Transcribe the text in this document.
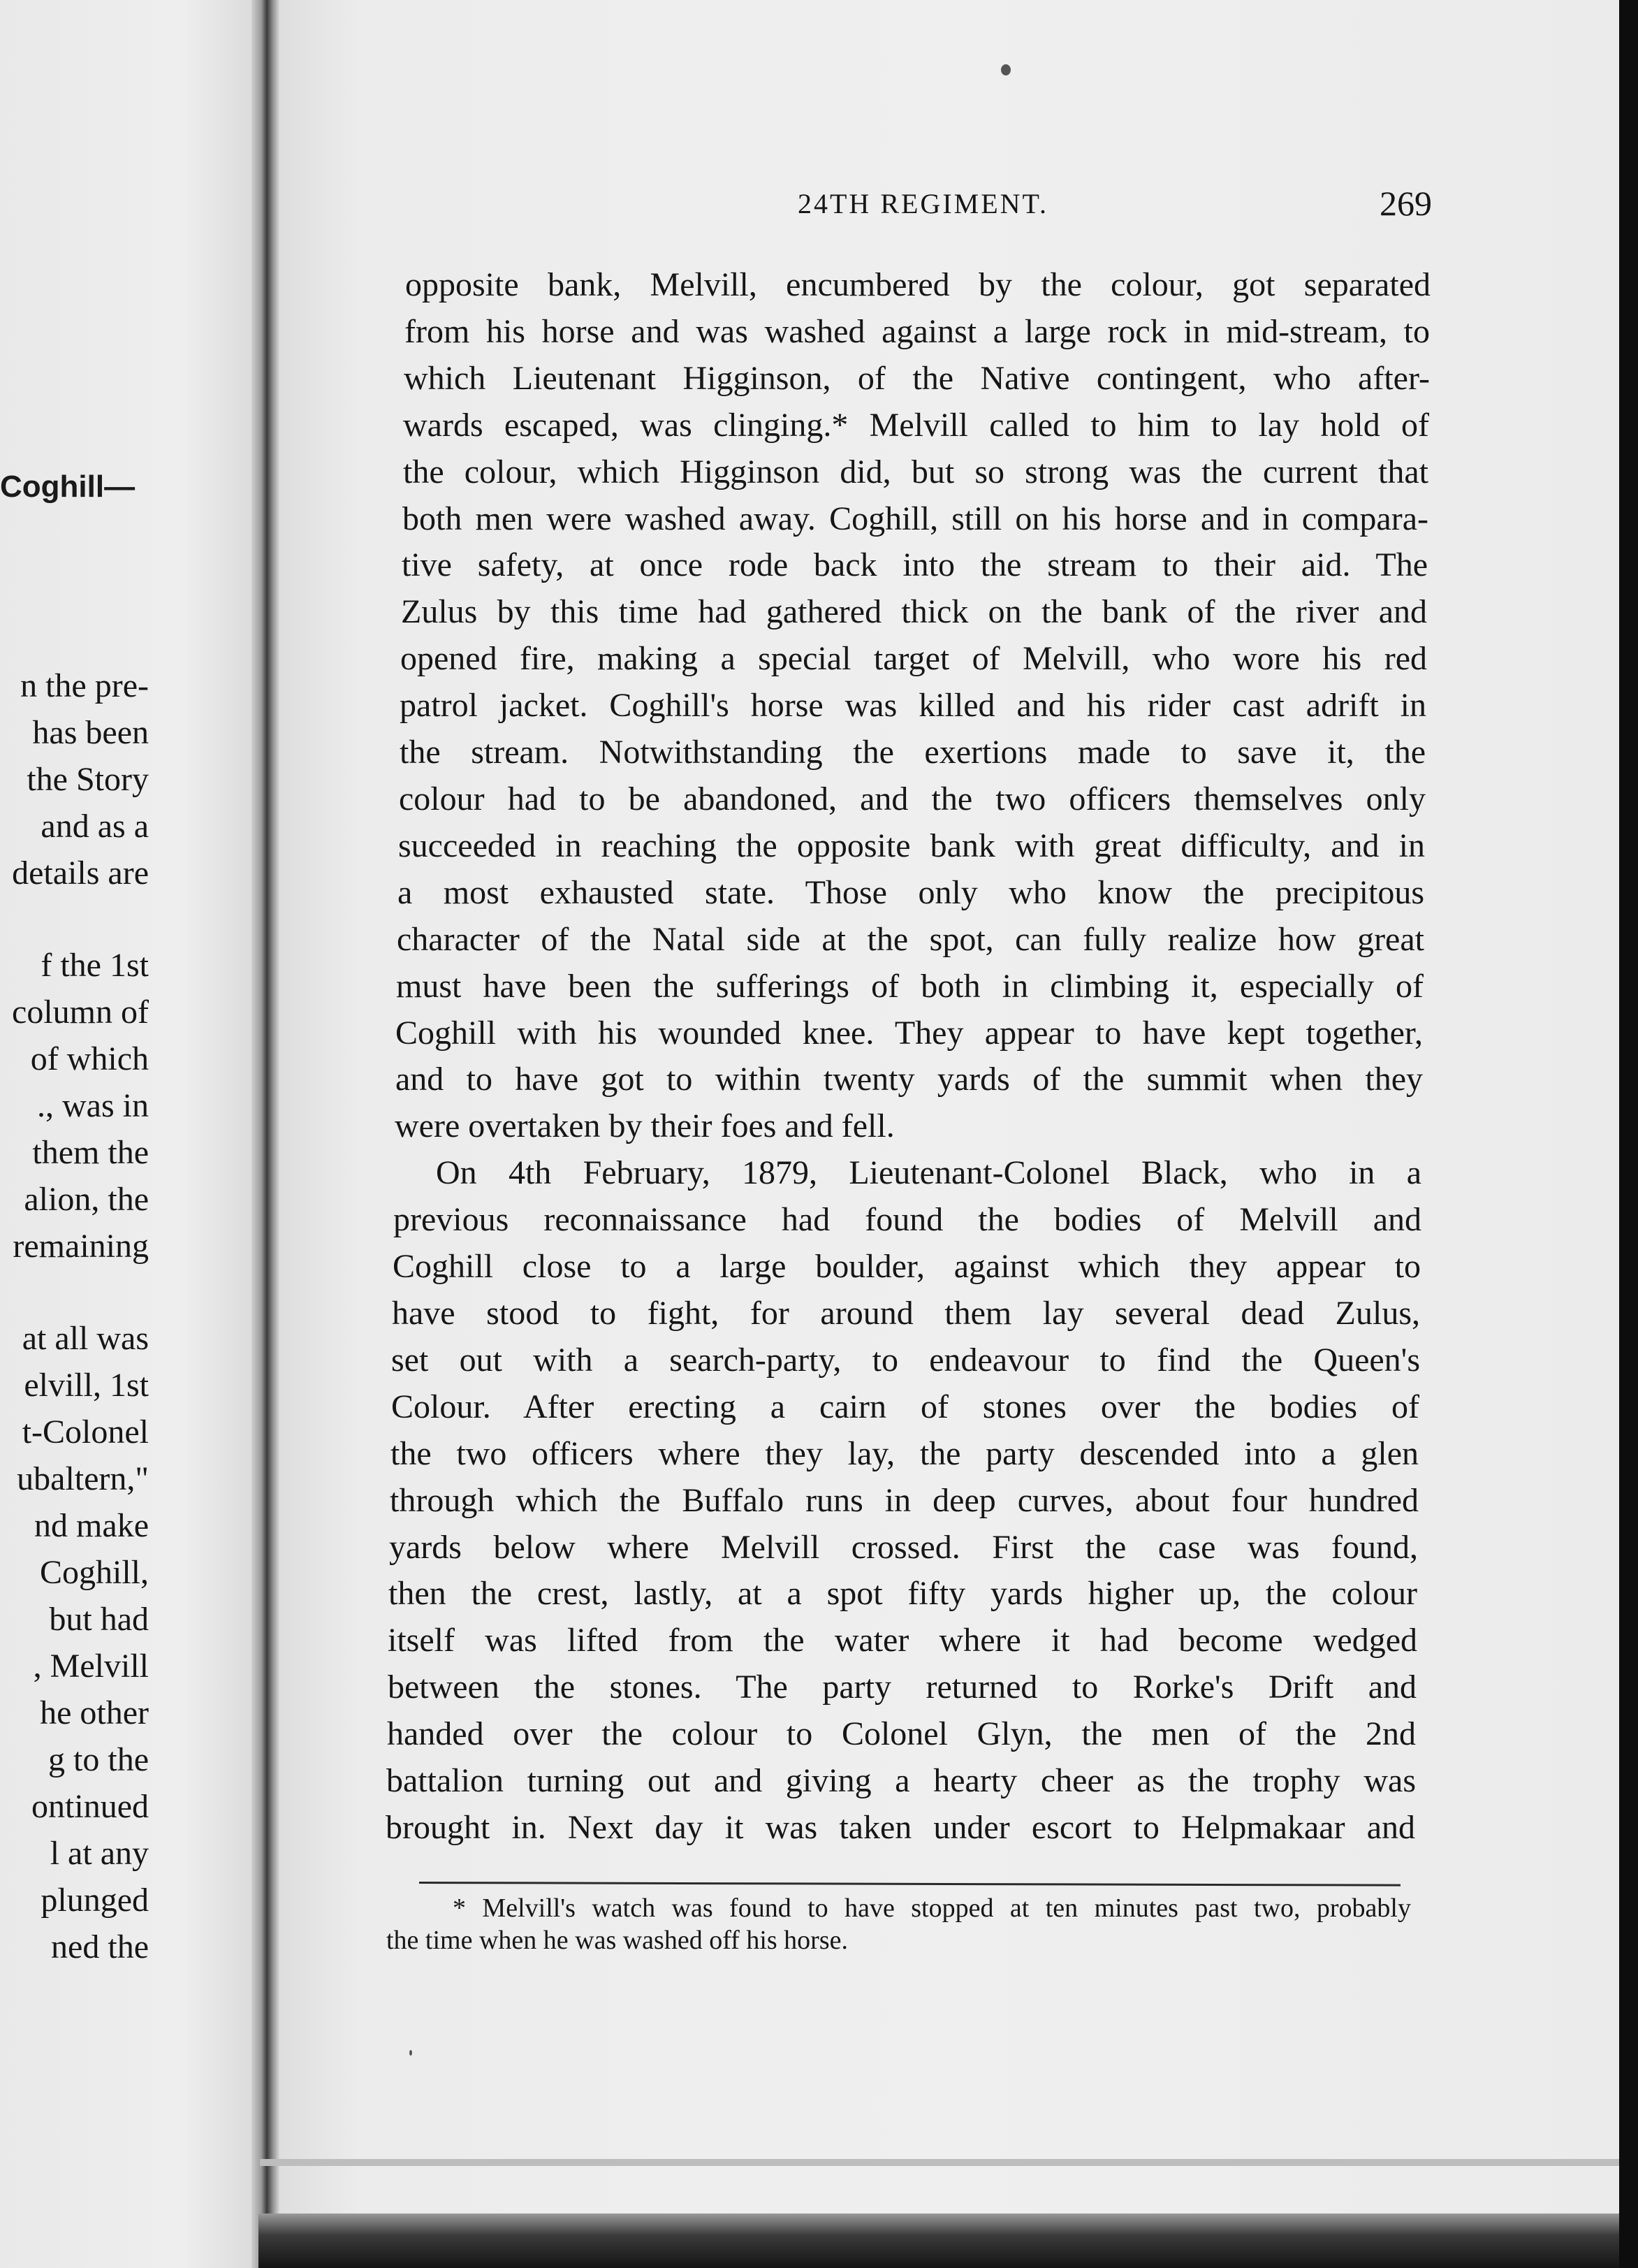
Coghill—
n the pre-
has been
the Story
and as a
details are
f the 1st
column of
of which
., was in
them the
alion, the
remaining
at all was
elvill, 1st
t-Colonel
ubaltern,"
nd make
Coghill,
but had
, Melvill
he other
g to the
ontinued
l at any
plunged
ned the
24TH REGIMENT.	269
opposite bank, Melvill, encumbered by the colour, got separated
from his horse and was washed against a large rock in mid-stream, to
which Lieutenant Higginson, of the Native contingent, who after-
wards escaped, was clinging.* Melvill called to him to lay hold of
the colour, which Higginson did, but so strong was the current that
both men were washed away. Coghill, still on his horse and in compara-
tive safety, at once rode back into the stream to their aid. The
Zulus by this time had gathered thick on the bank of the river and
opened fire, making a special target of Melvill, who wore his red
patrol jacket. Coghill's horse was killed and his rider cast adrift in
the stream. Notwithstanding the exertions made to save it, the
colour had to be abandoned, and the two officers themselves only
succeeded in reaching the opposite bank with great difficulty, and in
a most exhausted state. Those only who know the precipitous
character of the Natal side at the spot, can fully realize how great
must have been the sufferings of both in climbing it, especially of
Coghill with his wounded knee. They appear to have kept together,
and to have got to within twenty yards of the summit when they
were overtaken by their foes and fell.
On 4th February, 1879, Lieutenant-Colonel Black, who in a
previous reconnaissance had found the bodies of Melvill and
Coghill close to a large boulder, against which they appear to
have stood to fight, for around them lay several dead Zulus,
set out with a search-party, to endeavour to find the Queen's
Colour. After erecting a cairn of stones over the bodies of
the two officers where they lay, the party descended into a glen
through which the Buffalo runs in deep curves, about four hundred
yards below where Melvill crossed. First the case was found,
then the crest, lastly, at a spot fifty yards higher up, the colour
itself was lifted from the water where it had become wedged
between the stones. The party returned to Rorke's Drift and
handed over the colour to Colonel Glyn, the men of the 2nd
battalion turning out and giving a hearty cheer as the trophy was
brought in. Next day it was taken under escort to Helpmakaar and
* Melvill's watch was found to have stopped at ten minutes past two, probably
the time when he was washed off his horse.
